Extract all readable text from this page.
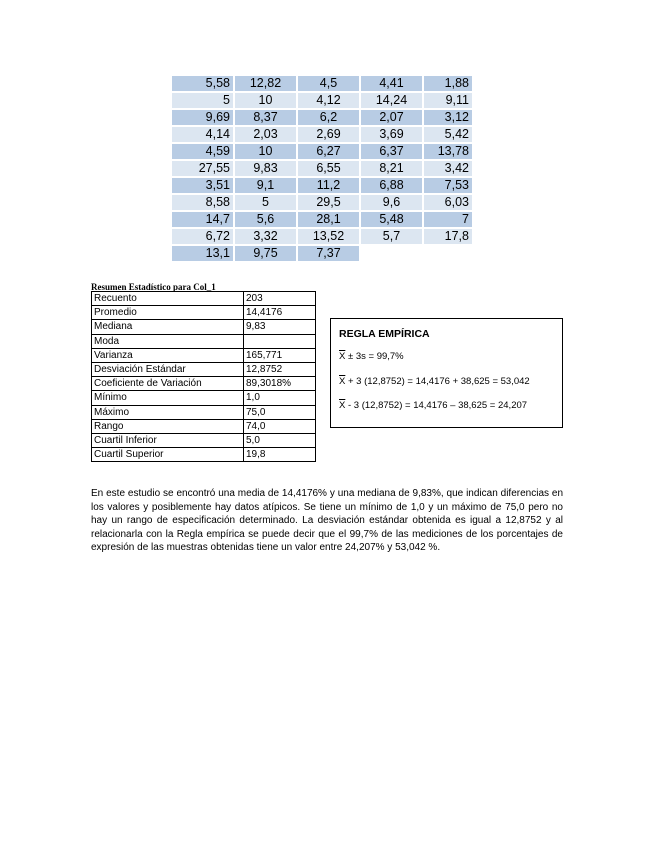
5,58	12,82	4,5	4,41	1,88
5	10	4,12	14,24	9,11
9,69	8,37	6,2	2,07	3,12
4,14	2,03	2,69	3,69	5,42
4,59	10	6,27	6,37	13,78
27,55	9,83	6,55	8,21	3,42
3,51	9,1	11,2	6,88	7,53
8,58	5	29,5	9,6	6,03
14,7	5,6	28,1	5,48	7
6,72	3,32	13,52	5,7	17,8
13,1	9,75	7,37		
Resumen Estadístico para Col_1
Recuento	203
Promedio	14,4176
Mediana	9,83
Moda	
Varianza	165,771
Desviación Estándar	12,8752
Coeficiente de Variación	89,3018%
Mínimo	1,0
Máximo	75,0
Rango	74,0
Cuartil Inferior	5,0
Cuartil Superior	19,8
REGLA EMPÍRICA
$\overline{X} \pm 3s = 99,7\%$
$\overline{X} + 3$ (12,8752) = 14,4176 + 38,625 = 53,042
$\overline{X} - 3$ (12,8752) = 14,4176 – 38,625 = 24,207
En este estudio se encontró una media de 14,4176% y una mediana de 9,83%, que indican diferencias en los valores y posiblemente hay datos atípicos. Se tiene un mínimo de 1,0 y un máximo de 75,0 pero no hay un rango de especificación determinado. La desviación estándar obtenida es igual a 12,8752 y al relacionarla con la Regla empírica se puede decir que el 99,7% de las mediciones de los porcentajes de expresión de las muestras obtenidas tiene un valor entre 24,207% y 53,042 %.
